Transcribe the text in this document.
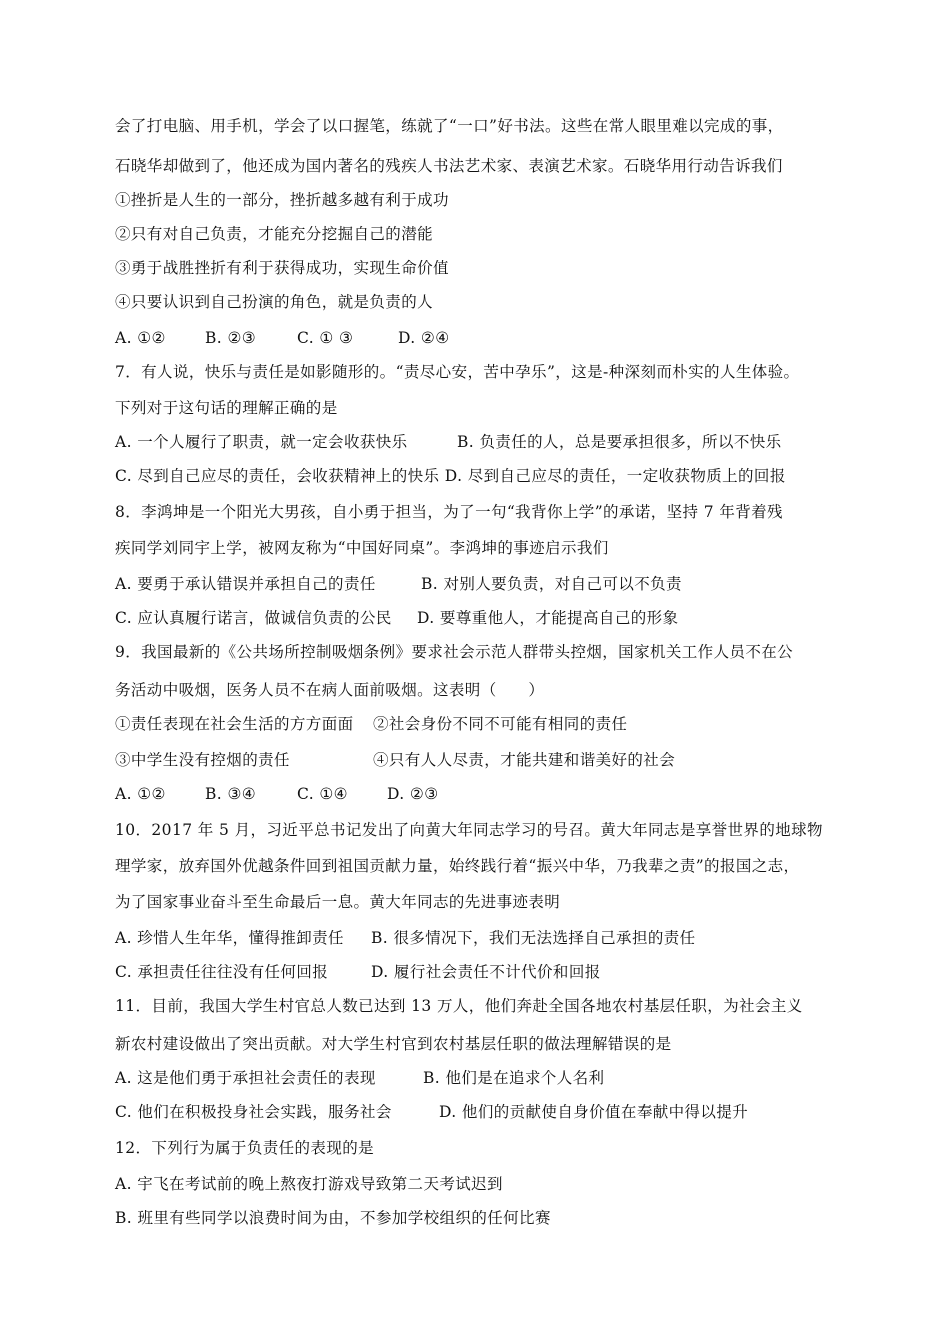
会了打电脑、用手机，学会了以口握笔，练就了“一口”好书法。这些在常人眼里难以完成的事，
石晓华却做到了，他还成为国内著名的残疾人书法艺术家、表演艺术家。石晓华用行动告诉我们
①挫折是人生的一部分，挫折越多越有利于成功
②只有对自己负责，才能充分挖掘自己的潜能
③勇于战胜挫折有利于获得成功，实现生命价值
④只要认识到自己扮演的角色，就是负责的人
A. ①②	B. ②③	C. ① ③	D. ②④
7．有人说，快乐与责任是如影随形的。“责尽心安，苦中孕乐”，这是-种深刻而朴实的人生体验。
下列对于这句话的理解正确的是
A. 一个人履行了职责，就一定会收获快乐	B. 负责任的人，总是要承担很多，所以不快乐
C. 尽到自己应尽的责任，会收获精神上的快乐 D. 尽到自己应尽的责任，一定收获物质上的回报
8．李鸿坤是一个阳光大男孩，自小勇于担当，为了一句“我背你上学”的承诺，坚持 7 年背着残
疾同学刘同宇上学，被网友称为“中国好同桌”。李鸿坤的事迹启示我们
A. 要勇于承认错误并承担自己的责任	B. 对别人要负责，对自己可以不负责
C. 应认真履行诺言，做诚信负责的公民 D. 要尊重他人，才能提高自己的形象
9．我国最新的《公共场所控制吸烟条例》要求社会示范人群带头控烟，国家机关工作人员不在公
务活动中吸烟，医务人员不在病人面前吸烟。这表明（　　）
①责任表现在社会生活的方方面面 ②社会身份不同不可能有相同的责任
③中学生没有控烟的责任	④只有人人尽责，才能共建和谐美好的社会
A. ①②	B. ③④	C. ①④	D. ②③
10．2017 年 5 月，习近平总书记发出了向黄大年同志学习的号召。黄大年同志是享誉世界的地球物
理学家，放弃国外优越条件回到祖国贡献力量，始终践行着“振兴中华，乃我辈之责”的报国之志，
为了国家事业奋斗至生命最后一息。黄大年同志的先进事迹表明
A. 珍惜人生年华，懂得推卸责任 B. 很多情况下，我们无法选择自己承担的责任
C. 承担责任往往没有任何回报	D. 履行社会责任不计代价和回报
11．目前，我国大学生村官总人数已达到 13 万人，他们奔赴全国各地农村基层任职，为社会主义
新农村建设做出了突出贡献。对大学生村官到农村基层任职的做法理解错误的是
A. 这是他们勇于承担社会责任的表现	B. 他们是在追求个人名利
C. 他们在积极投身社会实践，服务社会	D. 他们的贡献使自身价值在奉献中得以提升
12．下列行为属于负责任的表现的是
A. 宇飞在考试前的晚上熬夜打游戏导致第二天考试迟到
B. 班里有些同学以浪费时间为由，不参加学校组织的任何比赛
